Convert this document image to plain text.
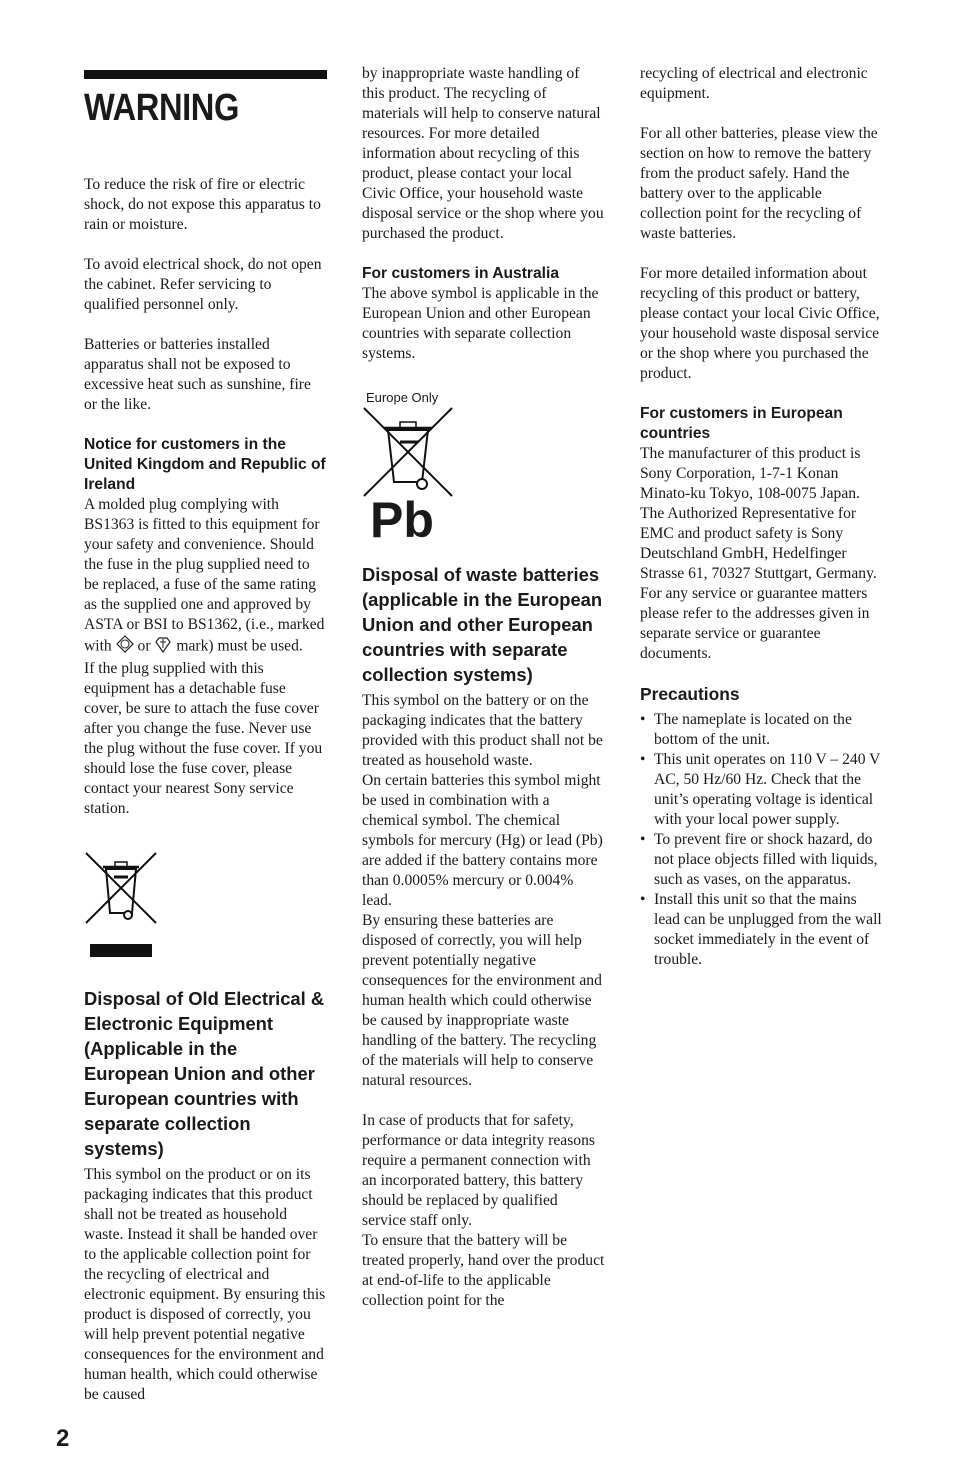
WARNING

To reduce the risk of fire or electric shock, do not expose this apparatus to rain or moisture.

To avoid electrical shock, do not open the cabinet. Refer servicing to qualified personnel only.

Batteries or batteries installed apparatus shall not be exposed to excessive heat such as sunshine, fire or the like.

Notice for customers in the United Kingdom and Republic of Ireland

A molded plug complying with BS1363 is fitted to this equipment for your safety and convenience. Should the fuse in the plug supplied need to be replaced, a fuse of the same rating as the supplied one and approved by ASTA or BSI to BS1362, (i.e., marked with  or  mark) must be used.

If the plug supplied with this equipment has a detachable fuse cover, be sure to attach the fuse cover after you change the fuse. Never use the plug without the fuse cover. If you should lose the fuse cover, please contact your nearest Sony service station.

Disposal of Old Electrical & Electronic Equipment (Applicable in the European Union and other European countries with separate collection systems)

This symbol on the product or on its packaging indicates that this product shall not be treated as household waste. Instead it shall be handed over to the applicable collection point for the recycling of electrical and electronic equipment. By ensuring this product is disposed of correctly, you will help prevent potential negative consequences for the environment and human health, which could otherwise be caused

by inappropriate waste handling of this product. The recycling of materials will help to conserve natural resources. For more detailed information about recycling of this product, please contact your local Civic Office, your household waste disposal service or the shop where you purchased the product.

For customers in Australia

The above symbol is applicable in the European Union and other European countries with separate collection systems.

Europe Only
Pb
Disposal of waste batteries (applicable in the European Union and other European countries with separate collection systems)

This symbol on the battery or on the packaging indicates that the battery provided with this product shall not be treated as household waste.

On certain batteries this symbol might be used in combination with a chemical symbol. The chemical symbols for mercury (Hg) or lead (Pb) are added if the battery contains more than 0.0005% mercury or 0.004% lead.

By ensuring these batteries are disposed of correctly, you will help prevent potentially negative consequences for the environment and human health which could otherwise be caused by inappropriate waste handling of the battery. The recycling of the materials will help to conserve natural resources.

In case of products that for safety, performance or data integrity reasons require a permanent connection with an incorporated battery, this battery should be replaced by qualified service staff only.

To ensure that the battery will be treated properly, hand over the product at end-of-life to the applicable collection point for the

recycling of electrical and electronic equipment.

For all other batteries, please view the section on how to remove the battery from the product safely. Hand the battery over to the applicable collection point for the recycling of waste batteries.

For more detailed information about recycling of this product or battery, please contact your local Civic Office, your household waste disposal service or the shop where you purchased the product.

For customers in European countries

The manufacturer of this product is Sony Corporation, 1-7-1 Konan Minato-ku Tokyo, 108-0075 Japan. The Authorized Representative for EMC and product safety is Sony Deutschland GmbH, Hedelfinger Strasse 61, 70327 Stuttgart, Germany. For any service or guarantee matters please refer to the addresses given in separate service or guarantee documents.

Precautions
• The nameplate is located on the bottom of the unit.
• This unit operates on 110 V – 240 V AC, 50 Hz/60 Hz. Check that the unit’s operating voltage is identical with your local power supply.
• To prevent fire or shock hazard, do not place objects filled with liquids, such as vases, on the apparatus.
• Install this unit so that the mains lead can be unplugged from the wall socket immediately in the event of trouble.
2
